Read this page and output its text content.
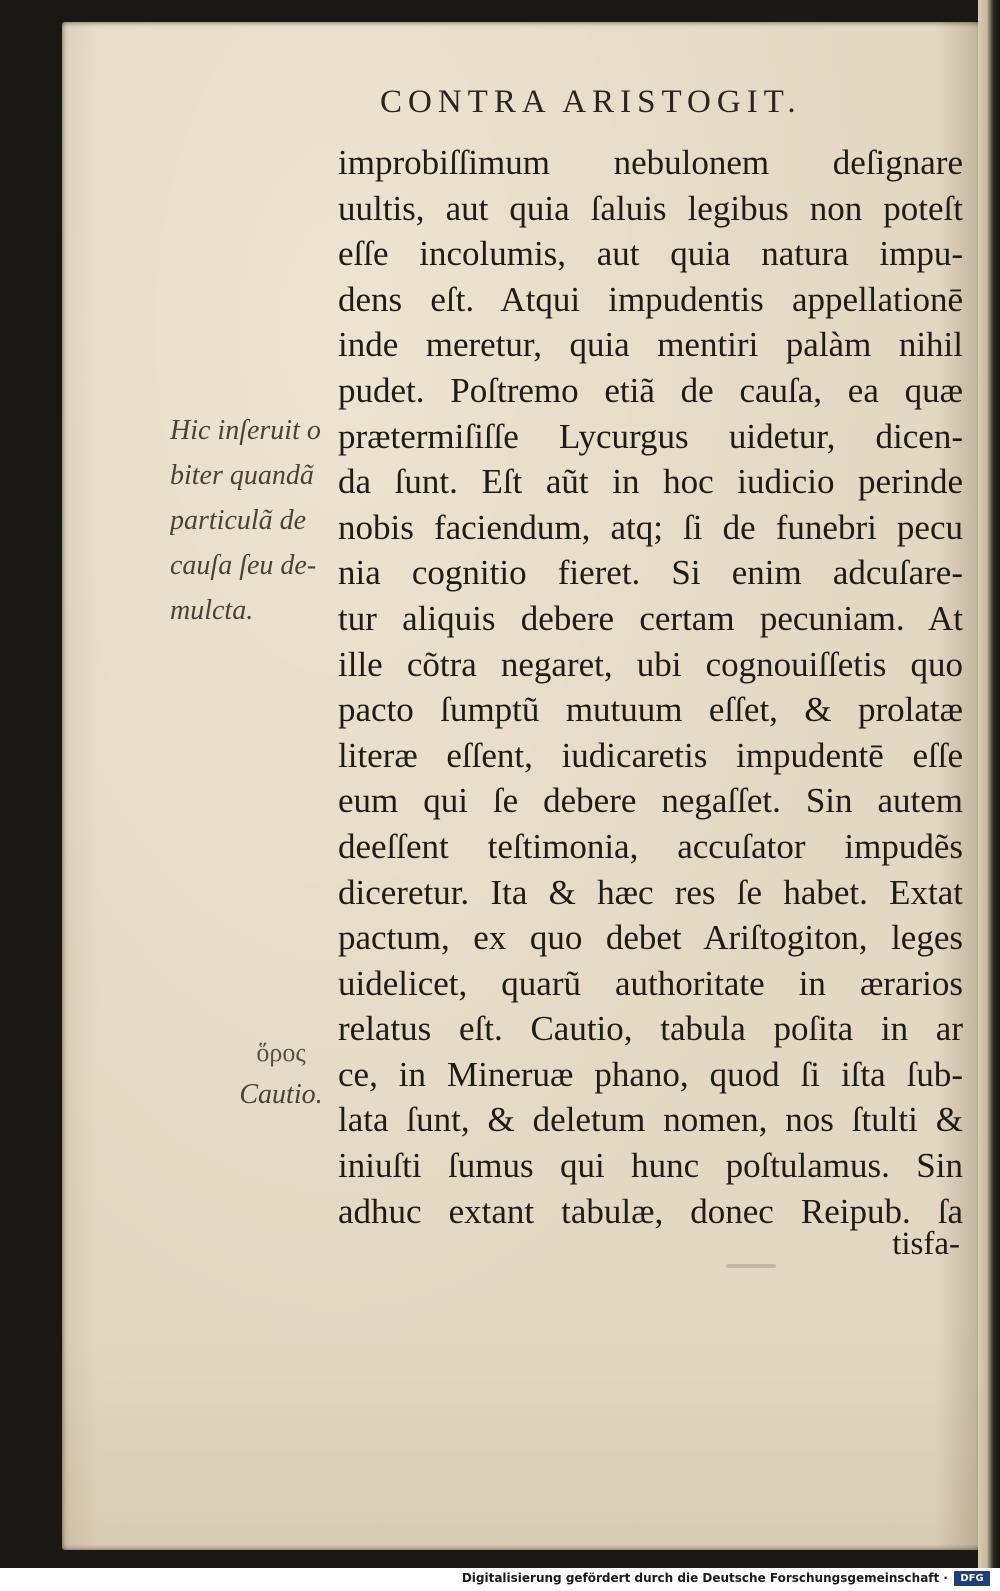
CONTRA ARISTOGIT.
improbiſſimum nebulonem deſignare
uultis, aut quia ſaluis legibus non poteſt
eſſe incolumis, aut quia natura impu‐
dens eſt. Atqui impudentis appellationē
inde meretur, quia mentiri palàm nihil
pudet. Poſtremo etiã de cauſa, ea quæ
prætermiſiſſe Lycurgus uidetur, dicen‐
da ſunt. Eſt aũt in hoc iudicio perinde
nobis faciendum, atq; ſi de funebri pecu
nia cognitio fieret. Si enim adcuſare‐
tur aliquis debere certam pecuniam. At
ille cõtra negaret, ubi cognouiſſetis quo
pacto ſumptũ mutuum eſſet, & prolatæ
literæ eſſent, iudicaretis impudentē eſſe
eum qui ſe debere negaſſet. Sin autem
deeſſent teſtimonia, accuſator impudẽs
diceretur. Ita & hæc res ſe habet. Extat
pactum, ex quo debet Ariſtogiton, leges
uidelicet, quarũ authoritate in ærarios
relatus eſt. Cautio, tabula poſita in ar
ce, in Mineruæ phano, quod ſi iſta ſub‐
lata ſunt, & deletum nomen, nos ſtulti &
iniuſti ſumus qui hunc poſtulamus. Sin
adhuc extant tabulæ, donec Reipub. ſa
tisfa‐
Hic inſeruit o
biter quandã
particulã de
cauſa ſeu de‐
mulcta.
ὅρος
Cautio.
Digitalisierung gefördert durch die Deutsche Forschungsgemeinschaft ·	DFG
